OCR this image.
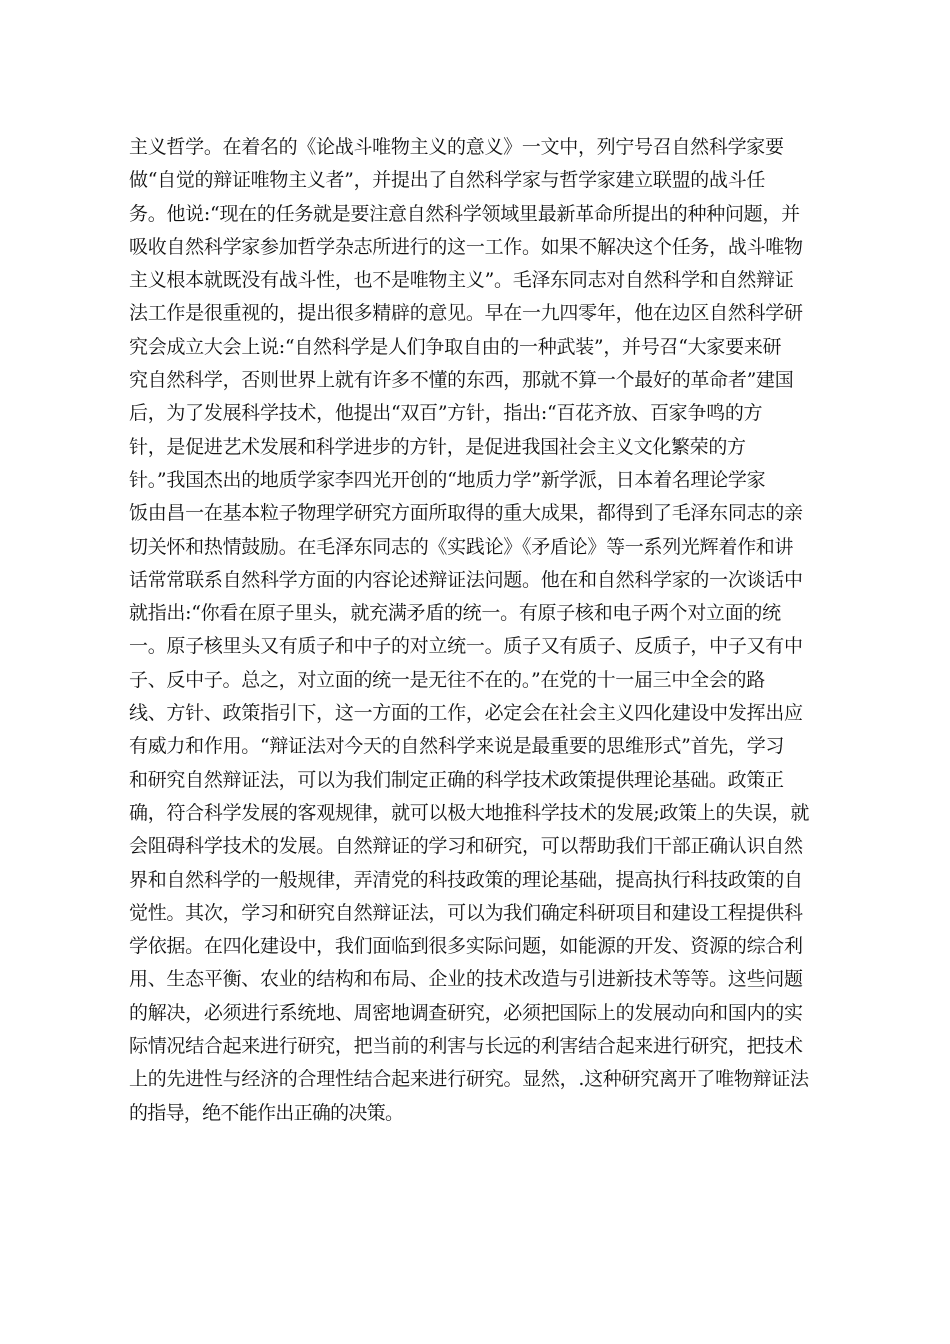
主义哲学。在着名的《论战斗唯物主义的意义》一文中，列宁号召自然科学家要
做“自觉的辩证唯物主义者”，并提出了自然科学家与哲学家建立联盟的战斗任
务。他说:“现在的任务就是要注意自然科学领域里最新革命所提出的种种问题，并
吸收自然科学家参加哲学杂志所进行的这一工作。如果不解决这个任务，战斗唯物
主义根本就既没有战斗性，也不是唯物主义”。毛泽东同志对自然科学和自然辩证
法工作是很重视的，提出很多精辟的意见。早在一九四零年，他在边区自然科学研
究会成立大会上说:“自然科学是人们争取自由的一种武装”，并号召“大家要来研
究自然科学，否则世界上就有许多不懂的东西，那就不算一个最好的革命者”建国
后，为了发展科学技术，他提出“双百”方针，指出:“百花齐放、百家争鸣的方
针，是促进艺术发展和科学进步的方针，是促进我国社会主义文化繁荣的方
针。”我国杰出的地质学家李四光开创的“地质力学”新学派，日本着名理论学家
饭由昌一在基本粒子物理学研究方面所取得的重大成果，都得到了毛泽东同志的亲
切关怀和热情鼓励。在毛泽东同志的《实践论》《矛盾论》等一系列光辉着作和讲
话常常联系自然科学方面的内容论述辩证法问题。他在和自然科学家的一次谈话中
就指出:“你看在原子里头，就充满矛盾的统一。有原子核和电子两个对立面的统
一。原子核里头又有质子和中子的对立统一。质子又有质子、反质子，中子又有中
子、反中子。总之，对立面的统一是无往不在的。”在党的十一届三中全会的路
线、方针、政策指引下，这一方面的工作，必定会在社会主义四化建设中发挥出应
有威力和作用。“辩证法对今天的自然科学来说是最重要的思维形式”首先，学习
和研究自然辩证法，可以为我们制定正确的科学技术政策提供理论基础。政策正
确，符合科学发展的客观规律，就可以极大地推科学技术的发展;政策上的失误，就
会阻碍科学技术的发展。自然辩证的学习和研究，可以帮助我们干部正确认识自然
界和自然科学的一般规律，弄清党的科技政策的理论基础，提高执行科技政策的自
觉性。其次，学习和研究自然辩证法，可以为我们确定科研项目和建设工程提供科
学依据。在四化建设中，我们面临到很多实际问题，如能源的开发、资源的综合利
用、生态平衡、农业的结构和布局、企业的技术改造与引进新技术等等。这些问题
的解决，必须进行系统地、周密地调查研究，必须把国际上的发展动向和国内的实
际情况结合起来进行研究，把当前的利害与长远的利害结合起来进行研究，把技术
上的先进性与经济的合理性结合起来进行研究。显然，.这种研究离开了唯物辩证法
的指导，绝不能作出正确的决策。
